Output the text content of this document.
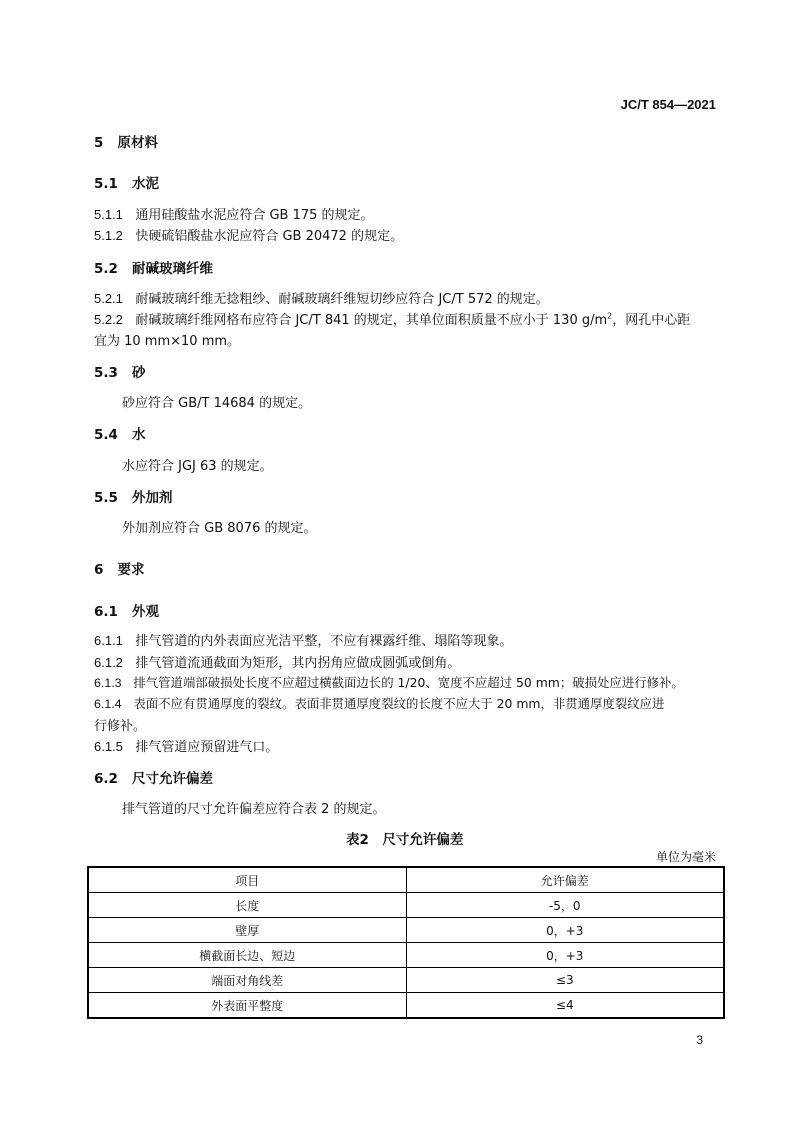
JC/T 854—2021
5 原材料
5.1 水泥
5.1.1 通用硅酸盐水泥应符合 GB 175 的规定。
5.1.2 快硬硫铝酸盐水泥应符合 GB 20472 的规定。
5.2 耐碱玻璃纤维
5.2.1 耐碱玻璃纤维无捻粗纱、耐碱玻璃纤维短切纱应符合 JC/T 572 的规定。
5.2.2 耐碱玻璃纤维网格布应符合 JC/T 841 的规定，其单位面积质量不应小于 130 $g/m^2$，网孔中心距
宜为 10 mm×10 mm。
5.3 砂
砂应符合 GB/T 14684 的规定。
5.4 水
水应符合 JGJ 63 的规定。
5.5 外加剂
外加剂应符合 GB 8076 的规定。
6 要求
6.1 外观
6.1.1 排气管道的内外表面应光洁平整，不应有裸露纤维、塌陷等现象。
6.1.2 排气管道流通截面为矩形，其内拐角应做成圆弧或倒角。
6.1.3 排气管道端部破损处长度不应超过横截面边长的 1/20、宽度不应超过 50 mm；破损处应进行修补。
6.1.4 表面不应有贯通厚度的裂纹。表面非贯通厚度裂纹的长度不应大于 20 mm，非贯通厚度裂纹应进
行修补。
6.1.5 排气管道应预留进气口。
6.2 尺寸允许偏差
排气管道的尺寸允许偏差应符合表 2 的规定。
表2　尺寸允许偏差
单位为毫米
项目	允许偏差
长度	-5，0
壁厚	0，+3
横截面长边、短边	0，+3
端面对角线差	≤3
外表面平整度	≤4
3
